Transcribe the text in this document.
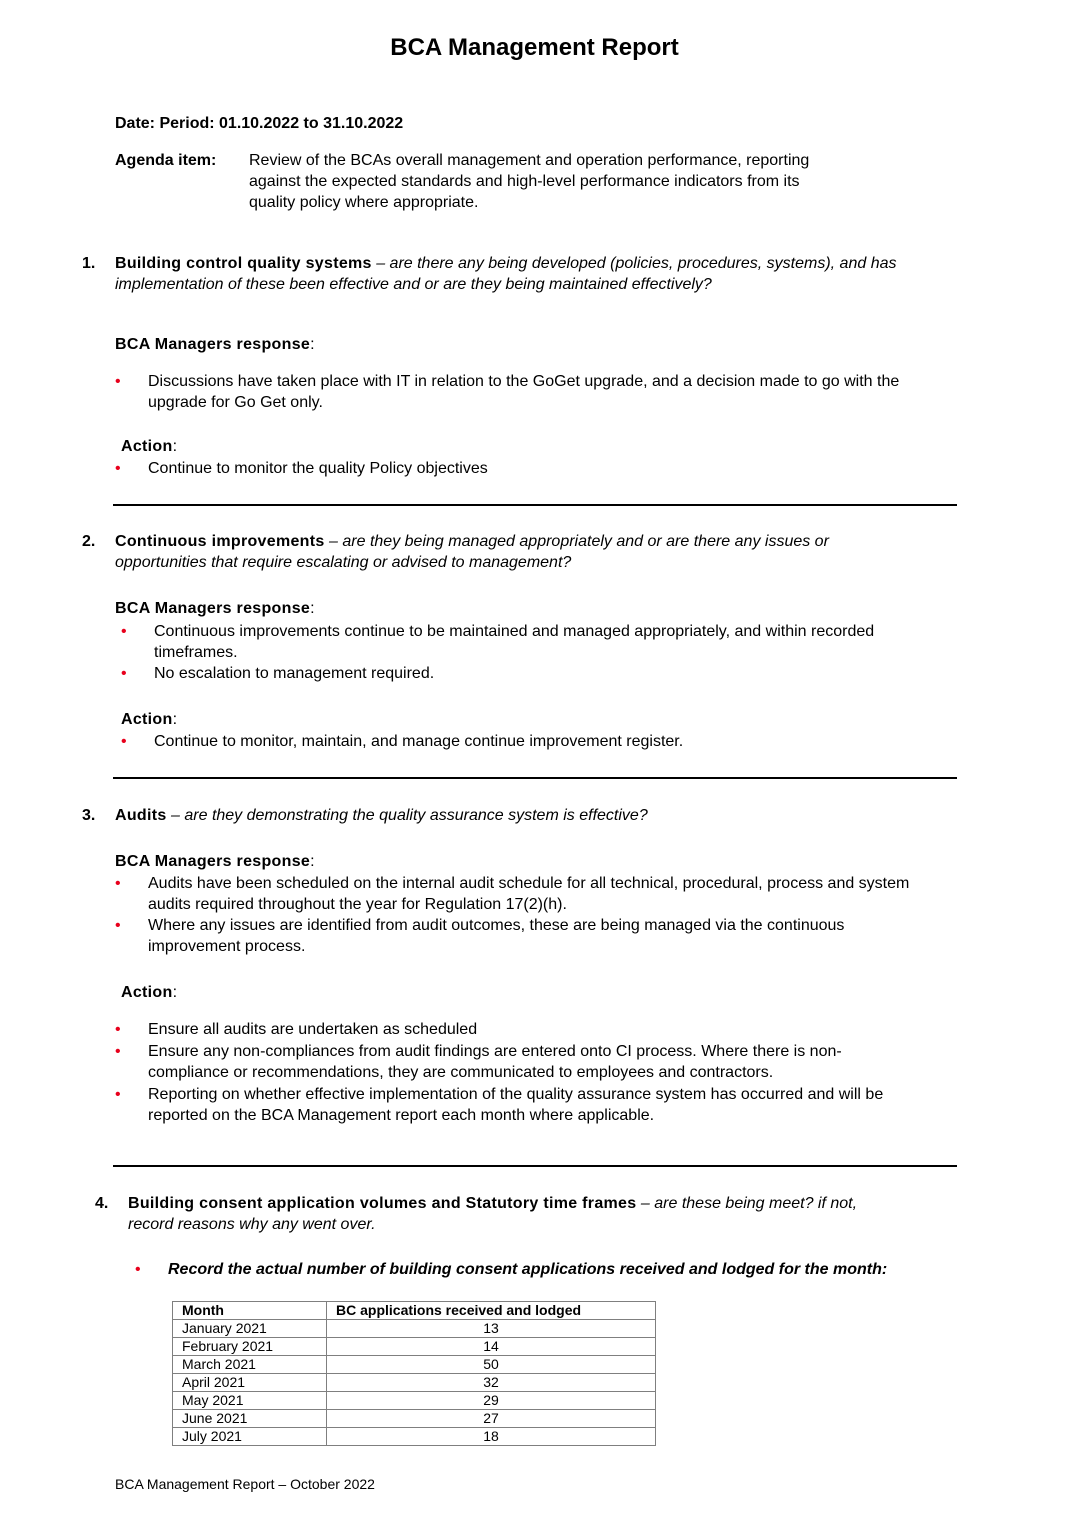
BCA Management Report
Date: Period: 01.10.2022 to 31.10.2022
Agenda item: Review of the BCAs overall management and operation performance, reporting
against the expected standards and high-level performance indicators from its
quality policy where appropriate.
1. Building control quality systems – are there any being developed (policies, procedures, systems), and has
implementation of these been effective and or are they being maintained effectively?
BCA Managers response:
• Discussions have taken place with IT in relation to the GoGet upgrade, and a decision made to go with the
upgrade for Go Get only.
Action:
• Continue to monitor the quality Policy objectives
2. Continuous improvements – are they being managed appropriately and or are there any issues or
opportunities that require escalating or advised to management?
BCA Managers response:
• Continuous improvements continue to be maintained and managed appropriately, and within recorded
timeframes.
• No escalation to management required.
Action:
• Continue to monitor, maintain, and manage continue improvement register.
3. Audits – are they demonstrating the quality assurance system is effective?
BCA Managers response:
• Audits have been scheduled on the internal audit schedule for all technical, procedural, process and system
audits required throughout the year for Regulation 17(2)(h).
• Where any issues are identified from audit outcomes, these are being managed via the continuous
improvement process.
Action:
• Ensure all audits are undertaken as scheduled
• Ensure any non-compliances from audit findings are entered onto CI process. Where there is non-
compliance or recommendations, they are communicated to employees and contractors.
• Reporting on whether effective implementation of the quality assurance system has occurred and will be
reported on the BCA Management report each month where applicable.
4. Building consent application volumes and Statutory time frames – are these being meet? if not,
record reasons why any went over.
• Record the actual number of building consent applications received and lodged for the month:
Month	BC applications received and lodged
January 2021	13
February 2021	14
March 2021	50
April 2021	32
May 2021	29
June 2021	27
July 2021	18
BCA Management Report – October 2022
